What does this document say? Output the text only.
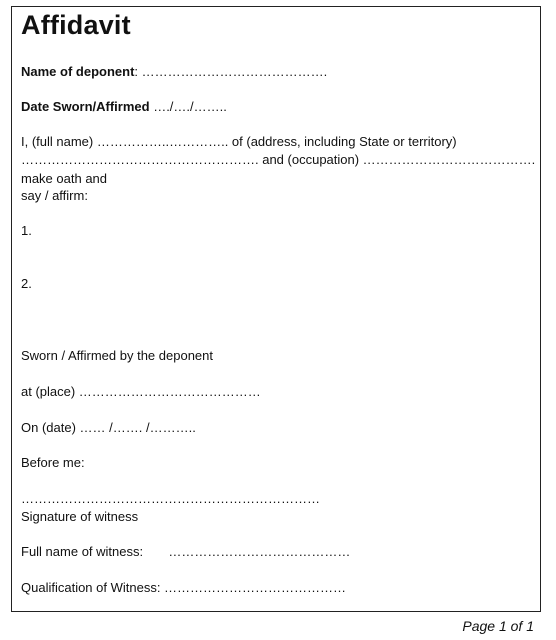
Affidavit
Name of deponent: …………………………………….
Date Sworn/Affirmed …./…./……..
I, (full name) ……………..………….. of (address, including State or territory)
………………………………………………. and (occupation) ………………………………….
make oath and
say / affirm:
1.
2.
Sworn / Affirmed by the deponent
at (place) ……………………………………
On (date) …… /……. /………..
Before me:
……………………………………………………………
Signature of witness
Full name of witness:       ……………………………………
Qualification of Witness: ……………………………………
Page 1 of 1
